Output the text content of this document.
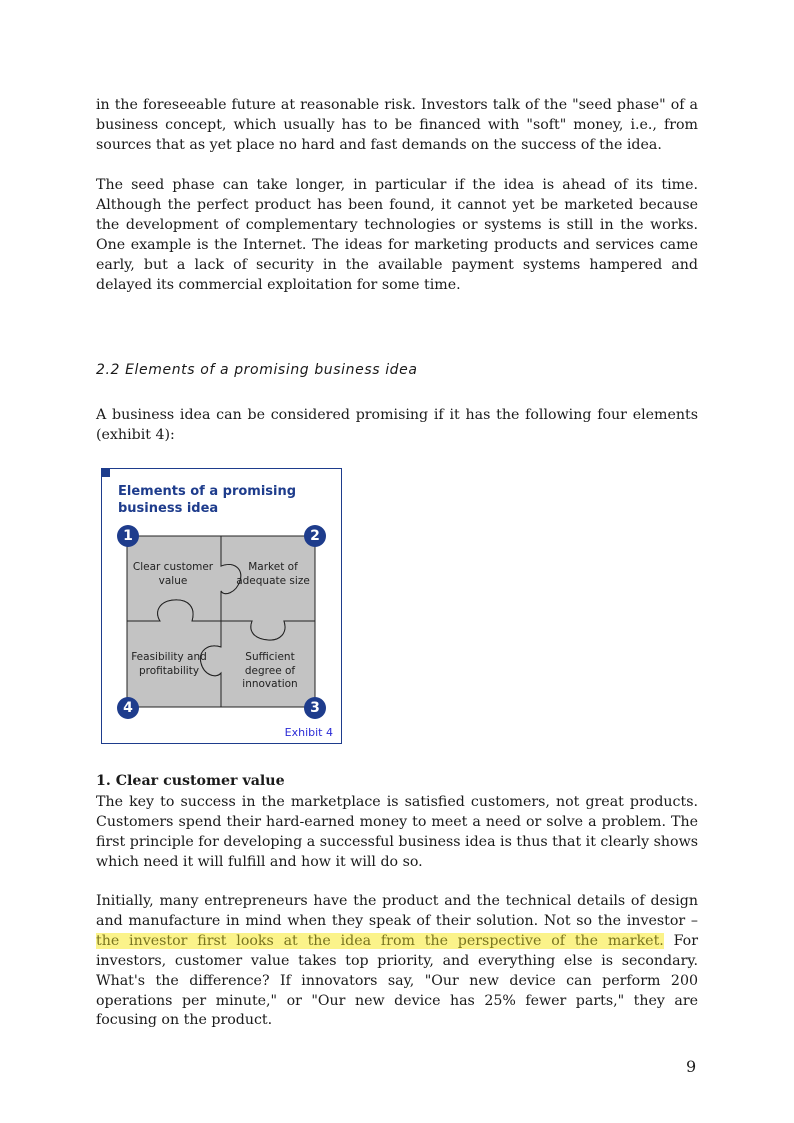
in the foreseeable future at reasonable risk. Investors talk of the "seed phase" of a business concept, which usually has to be financed with "soft" money, i.e., from sources that as yet place no hard and fast demands on the success of the idea.

The seed phase can take longer, in particular if the idea is ahead of its time. Although the perfect product has been found, it cannot yet be marketed because the development of complementary technologies or systems is still in the works. One example is the Internet. The ideas for marketing products and services came early, but a lack of security in the available payment systems hampered and delayed its commercial exploitation for some time.

2.2 Elements of a promising business idea

A business idea can be considered promising if it has the following four elements (exhibit 4):

Elements of a promising business idea

Clear customer value
Market of adequate size
Feasibility and profitability
Sufficient degree of innovation
1	2
3
4
Exhibit 4
1. Clear customer value

The key to success in the marketplace is satisfied customers, not great products. Customers spend their hard-earned money to meet a need or solve a problem. The first principle for developing a successful business idea is thus that it clearly shows which need it will fulfill and how it will do so.

Initially, many entrepreneurs have the product and the technical details of design and manufacture in mind when they speak of their solution. Not so the investor – the investor first looks at the idea from the perspective of the market. For investors, customer value takes top priority, and everything else is secondary. What's the difference? If innovators say, "Our new device can perform 200 operations per minute," or "Our new device has 25% fewer parts," they are focusing on the product.

9
